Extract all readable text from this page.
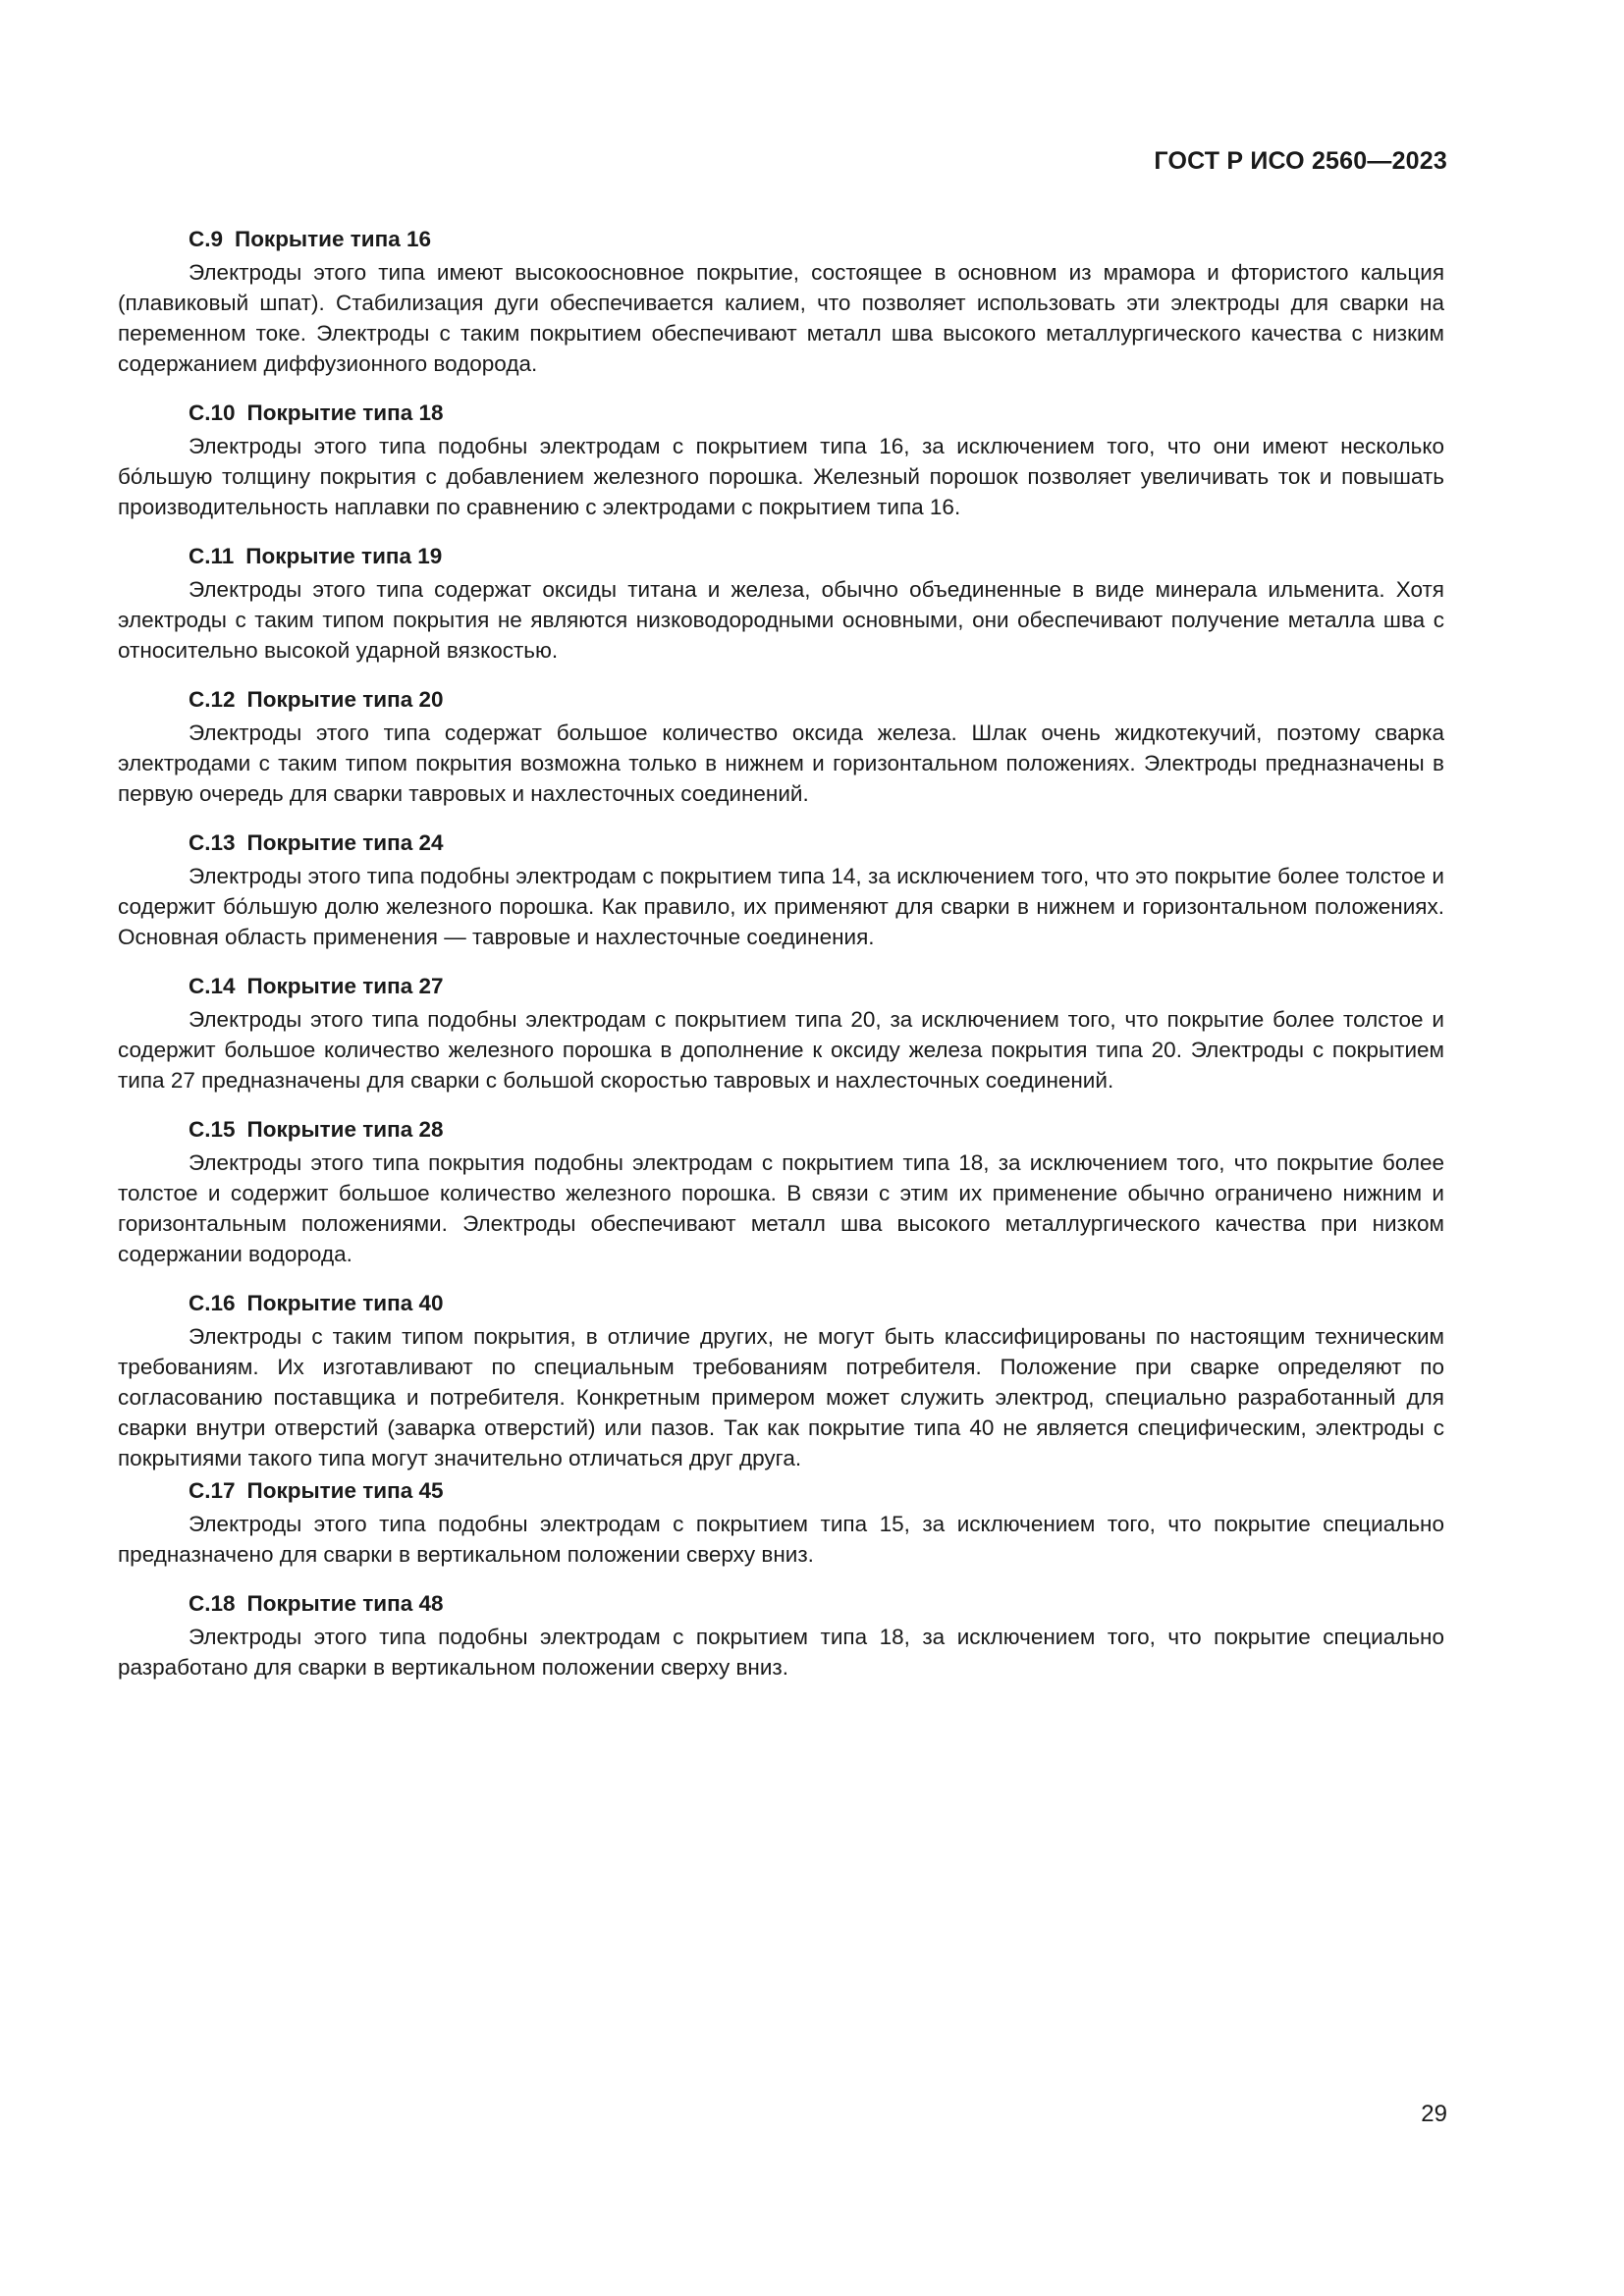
ГОСТ Р ИСО 2560—2023
С.9 Покрытие типа 16

Электроды этого типа имеют высокоосновное покрытие, состоящее в основном из мрамора и фтористого кальция (плавиковый шпат). Стабилизация дуги обеспечивается калием, что позволяет использовать эти электроды для сварки на переменном токе. Электроды с таким покрытием обеспечивают металл шва высокого металлургического качества с низким содержанием диффузионного водорода.

С.10 Покрытие типа 18

Электроды этого типа подобны электродам с покрытием типа 16, за исключением того, что они имеют несколько бо́льшую толщину покрытия с добавлением железного порошка. Железный порошок позволяет увеличивать ток и повышать производительность наплавки по сравнению с электродами с покрытием типа 16.

С.11 Покрытие типа 19

Электроды этого типа содержат оксиды титана и железа, обычно объединенные в виде минерала ильменита. Хотя электроды с таким типом покрытия не являются низководородными основными, они обеспечивают получение металла шва с относительно высокой ударной вязкостью.

С.12 Покрытие типа 20

Электроды этого типа содержат большое количество оксида железа. Шлак очень жидкотекучий, поэтому сварка электродами с таким типом покрытия возможна только в нижнем и горизонтальном положениях. Электроды предназначены в первую очередь для сварки тавровых и нахлесточных соединений.

С.13 Покрытие типа 24

Электроды этого типа подобны электродам с покрытием типа 14, за исключением того, что это покрытие более толстое и содержит бо́льшую долю железного порошка. Как правило, их применяют для сварки в нижнем и горизонтальном положениях. Основная область применения — тавровые и нахлесточные соединения.

С.14 Покрытие типа 27

Электроды этого типа подобны электродам с покрытием типа 20, за исключением того, что покрытие более толстое и содержит большое количество железного порошка в дополнение к оксиду железа покрытия типа 20. Электроды с покрытием типа 27 предназначены для сварки с большой скоростью тавровых и нахлесточных соединений.

С.15 Покрытие типа 28

Электроды этого типа покрытия подобны электродам с покрытием типа 18, за исключением того, что покрытие более толстое и содержит большое количество железного порошка. В связи с этим их применение обычно ограничено нижним и горизонтальным положениями. Электроды обеспечивают металл шва высокого металлургического качества при низком содержании водорода.

С.16 Покрытие типа 40

Электроды с таким типом покрытия, в отличие других, не могут быть классифицированы по настоящим техническим требованиям. Их изготавливают по специальным требованиям потребителя. Положение при сварке определяют по согласованию поставщика и потребителя. Конкретным примером может служить электрод, специально разработанный для сварки внутри отверстий (заварка отверстий) или пазов. Так как покрытие типа 40 не является специфическим, электроды с покрытиями такого типа могут значительно отличаться друг друга.

С.17 Покрытие типа 45

Электроды этого типа подобны электродам с покрытием типа 15, за исключением того, что покрытие специально предназначено для сварки в вертикальном положении сверху вниз.

С.18 Покрытие типа 48

Электроды этого типа подобны электродам с покрытием типа 18, за исключением того, что покрытие специально разработано для сварки в вертикальном положении сверху вниз.

29
